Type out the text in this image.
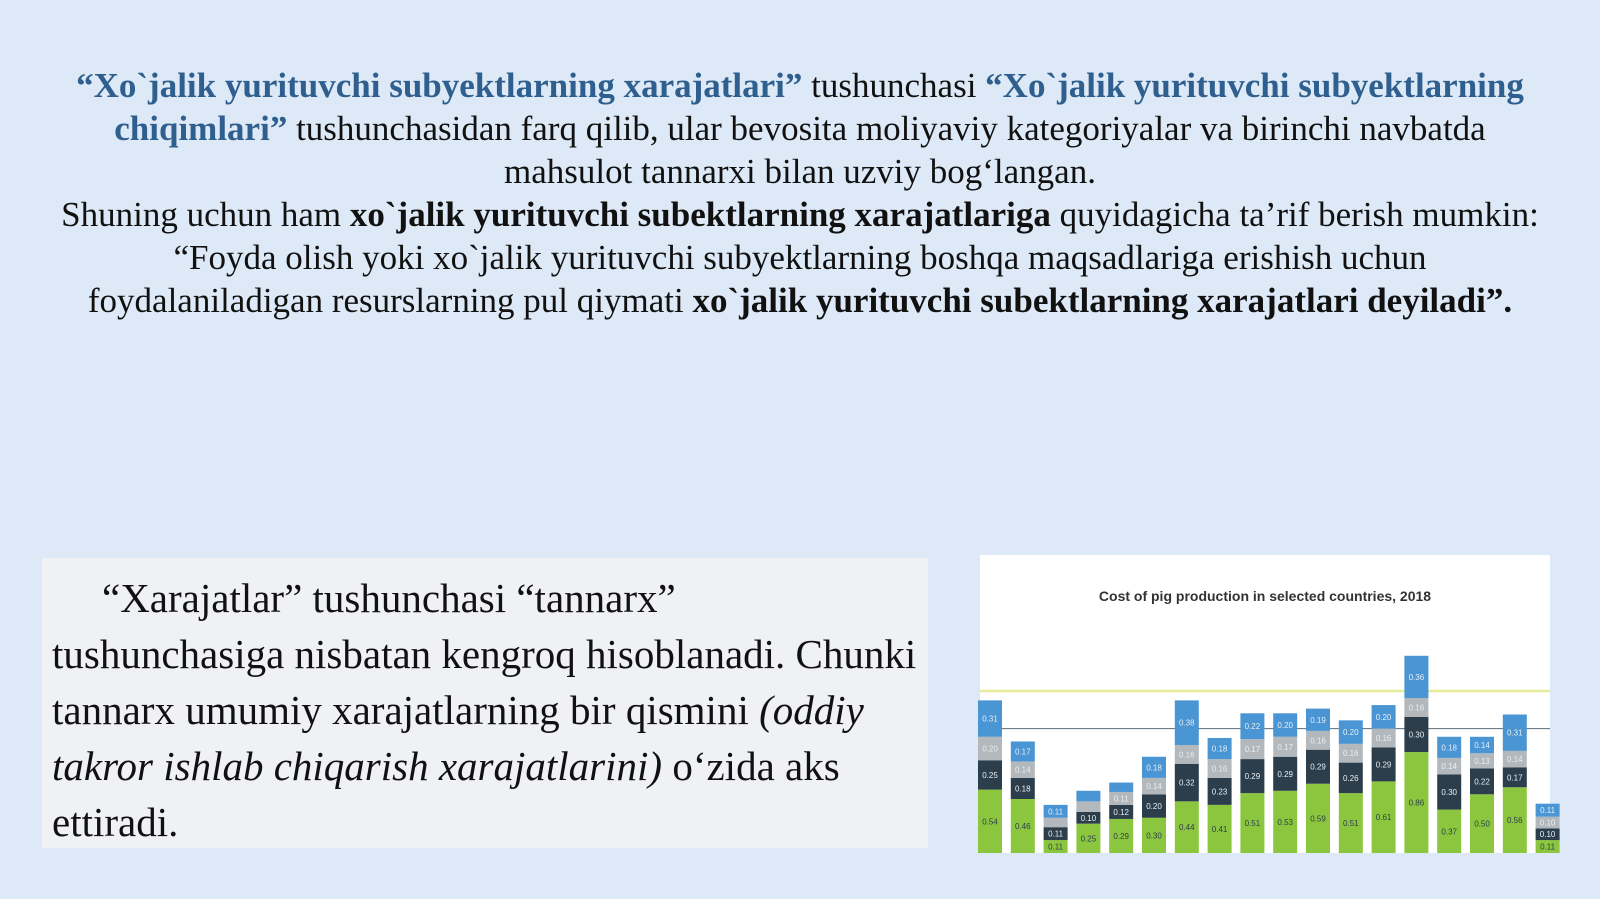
“Xo`jalik yurituvchi subyektlarning xarajatlari” tushunchasi “Xo`jalik yurituvchi subyektlarning chiqimlari” tushunchasidan farq qilib, ular bevosita moliyaviy kategoriyalar va birinchi navbatda mahsulot tannarxi bilan uzviy bog‘langan.
Shuning uchun ham xo`jalik yurituvchi subektlarning xarajatlariga quyidagicha ta’rif berish mumkin:
“Foyda olish yoki xo`jalik yurituvchi subyektlarning boshqa maqsadlariga erishish uchun foydalaniladigan resurslarning pul qiymati xo`jalik yurituvchi subektlarning xarajatlari deyiladi”.

“Xarajatlar” tushunchasi “tannarx” tushunchasiga nisbatan kengroq hisoblanadi. Chunki tannarx umumiy xarajatlarning bir qismini (oddiy takror ishlab chiqarish xarajatlarini) o‘zida aks ettiradi.	0.54
0.25
0.20
0.31
0.46
0.18
0.14
0.17
0.11
0.11
0.11
0.25
0.10
0.29
0.12
0.11
0.30
0.20
0.14
0.18
0.44
0.32
0.16
0.38
0.41
0.23
0.16
0.18
0.51
0.29
0.17
0.22
0.53
0.29
0.17
0.20
0.59
0.29
0.16
0.19
0.51
0.26
0.16
0.20
0.61
0.29
0.16
0.20
0.86
0.30
0.16
0.36
0.37
0.30
0.14
0.18
0.50
0.22
0.13
0.14
0.56
0.17
0.14
0.31
0.11
0.10
0.10
0.11
Cost of pig production in selected countries, 2018
